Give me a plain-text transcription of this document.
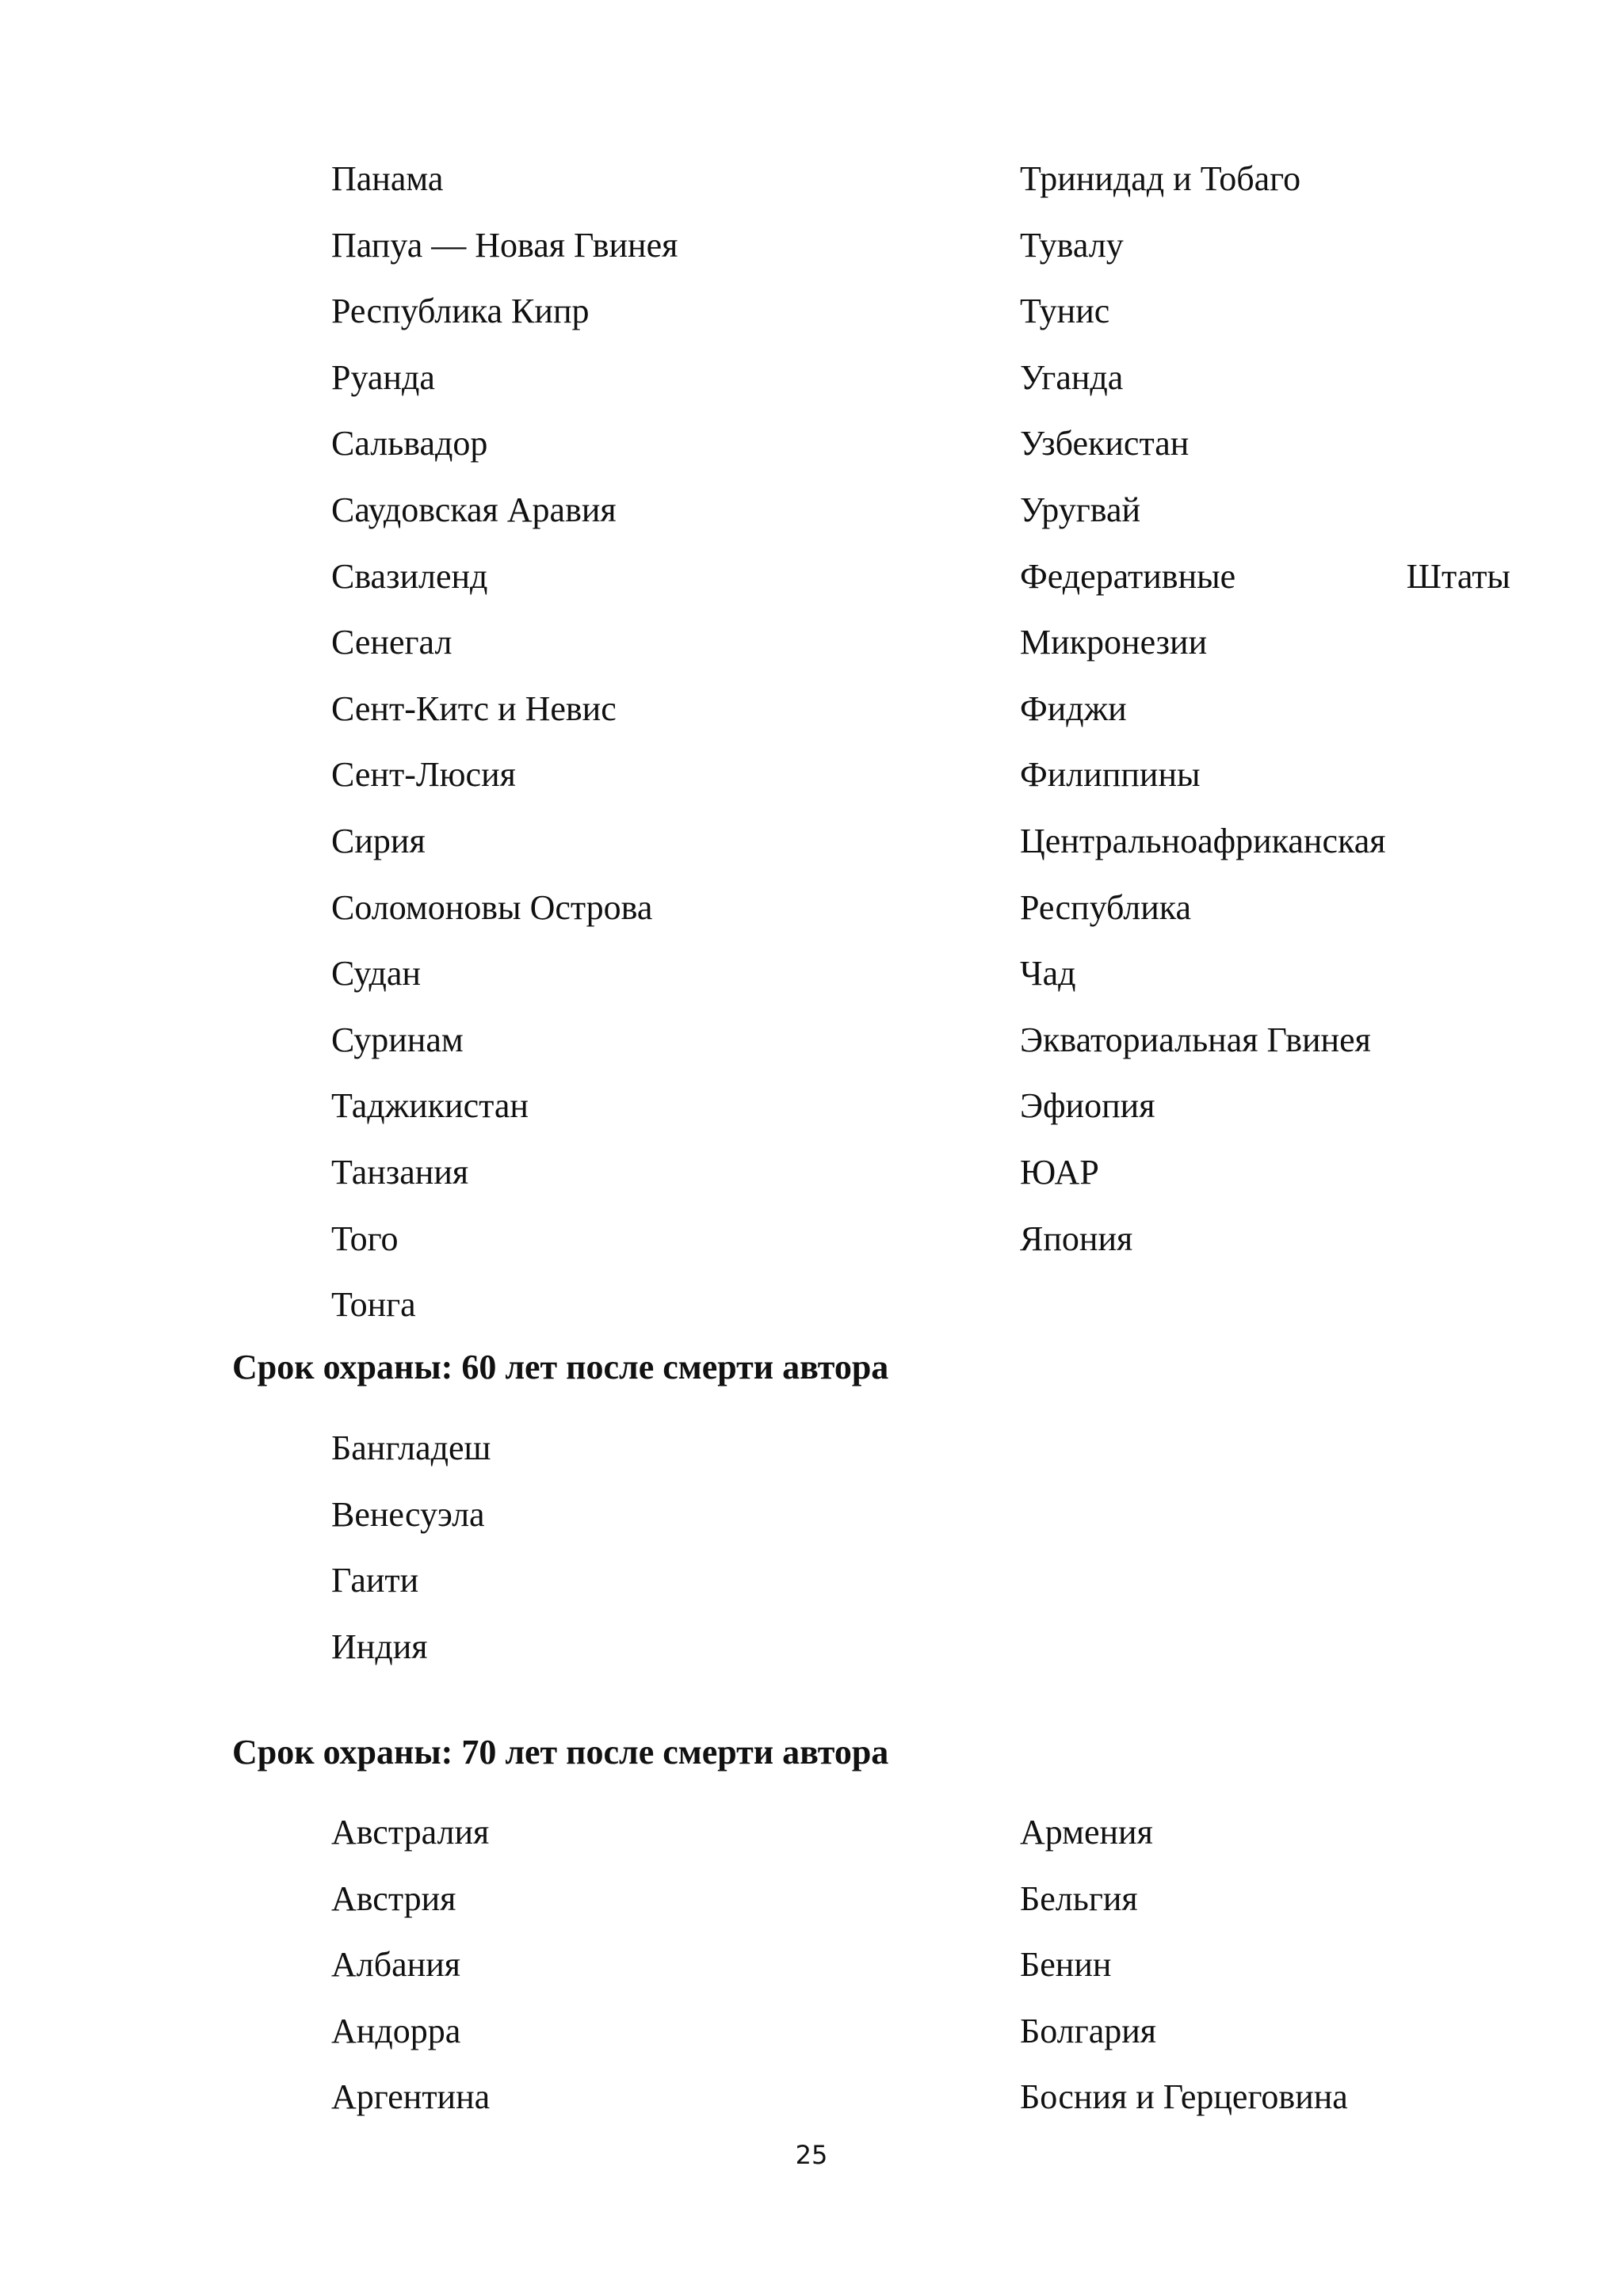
Панама
Папуа — Новая Гвинея
Республика Кипр
Руанда
Сальвадор
Саудовская Аравия
Свазиленд
Сенегал
Сент-Китс и Невис
Сент-Люсия
Сирия
Соломоновы Острова
Судан
Суринам
Таджикистан
Танзания
Того
Тонга
Тринидад и Тобаго
Тувалу
Тунис
Уганда
Узбекистан
Уругвай
Федеративные Штаты
Микронезии
Фиджи
Филиппины
Центральноафриканская
Республика
Чад
Экваториальная Гвинея
Эфиопия
ЮАР
Япония
Срок охраны: 60 лет после смерти автора
Бангладеш
Венесуэла
Гаити
Индия
Срок охраны: 70 лет после смерти автора
Австралия
Австрия
Албания
Андорра
Аргентина
Армения
Бельгия
Бенин
Болгария
Босния и Герцеговина
25
